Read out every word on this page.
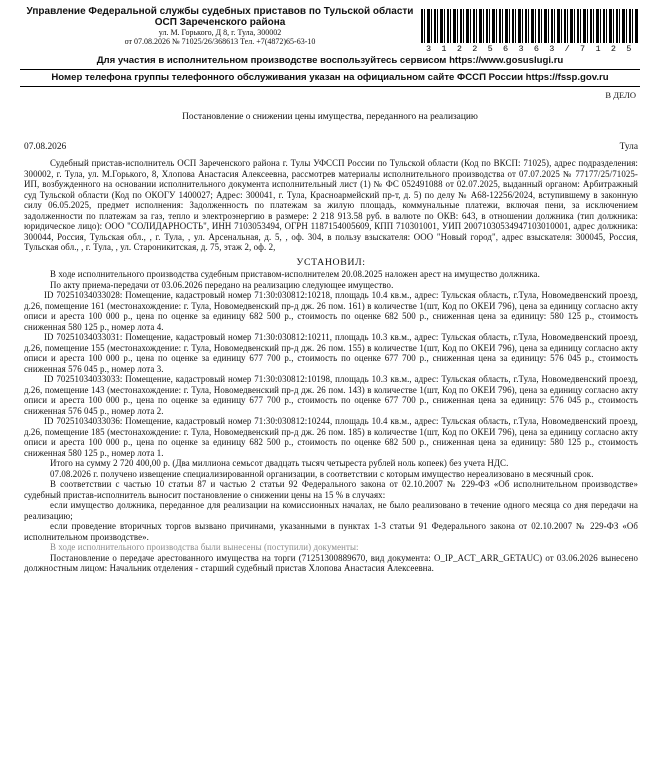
Управление Федеральной службы судебных приставов по Тульской области
ОСП Зареченского района
ул. М. Горького, Д 8, г. Тула, 300002
от 07.08.2026 № 71025/26/368613 Тел. +7(4872)65-63-10
3 1 2 2 5 6 3 6 3 / 7 1 2 5
Для участия в исполнительном производстве воспользуйтесь сервисом https://www.gosuslugi.ru
Номер телефона группы телефонного обслуживания указан на официальном сайте ФССП России https://fssp.gov.ru
В ДЕЛО
Постановление о снижении цены имущества, переданного на реализацию
07.08.2026	Тула

Судебный пристав-исполнитель ОСП Зареченского района г. Тулы УФССП России по Тульской области (Код по ВКСП: 71025), адрес подразделения: 300002, г. Тула, ул. М.Горького, 8, Хлопова Анастасия Алексеевна, рассмотрев материалы исполнительного производства от 07.07.2025 № 77177/25/71025-ИП, возбужденного на основании исполнительного документа исполнительный лист (1) № ФС 052491088 от 02.07.2025, выданный органом: Арбитражный суд Тульской области (Код по ОКОГУ 1400027; Адрес: 300041, г. Тула, Красноармейский пр-т, д. 5) по делу № А68-12256/2024, вступившему в законную силу 06.05.2025, предмет исполнения: Задолженность по платежам за жилую площадь, коммунальные платежи, включая пени, за исключением задолженности по платежам за газ, тепло и электроэнергию в размере: 2 218 913.58 руб. в валюте по ОКВ: 643, в отношении должника (тип должника: юридическое лицо): ООО "СОЛИДАРНОСТЬ", ИНН 7103053494, ОГРН 1187154005609, КПП 710301001, УИП 20071030534947103010001, адрес должника: 300044, Россия, Тульская обл., , г. Тула, , ул. Арсенальная, д. 5, , оф. 304, в пользу взыскателя: ООО "Новый город", адрес взыскателя: 300045, Россия, Тульская обл., , г. Тула, , ул. Староникитская, д. 75, этаж 2, оф. 2,

УСТАНОВИЛ:

В ходе исполнительного производства судебным приставом-исполнителем 20.08.2025 наложен арест на имущество должника.

По акту приема-передачи от 03.06.2026 передано на реализацию следующее имущество.

ID 70251034033028: Помещение, кадастровый номер 71:30:030812:10218, площадь 10.4 кв.м., адрес: Тульская область, г.Тула, Новомедвенский проезд, д.26, помещение 161 (местонахождение: г. Тула, Новомедвенский пр-д дж. 26 пом. 161) в количестве 1(шт, Код по ОКЕИ 796), цена за единицу согласно акту описи и ареста 100 000 р., цена по оценке за единицу 682 500 р., стоимость по оценке 682 500 р., сниженная цена за единицу: 580 125 р., стоимость сниженная 580 125 р., номер лота 4.

ID 70251034033031: Помещение, кадастровый номер 71:30:030812:10211, площадь 10.3 кв.м., адрес: Тульская область, г.Тула, Новомедвенский проезд, д.26, помещение 155 (местонахождение: г. Тула, Новомедвенский пр-д дж. 26 пом. 155) в количестве 1(шт, Код по ОКЕИ 796), цена за единицу согласно акту описи и ареста 100 000 р., цена по оценке за единицу 677 700 р., стоимость по оценке 677 700 р., сниженная цена за единицу: 576 045 р., стоимость сниженная 576 045 р., номер лота 3.

ID 70251034033033: Помещение, кадастровый номер 71:30:030812:10198, площадь 10.3 кв.м., адрес: Тульская область, г.Тула, Новомедвенский проезд, д.26, помещение 143 (местонахождение: г. Тула, Новомедвенский пр-д дж. 26 пом. 143) в количестве 1(шт, Код по ОКЕИ 796), цена за единицу согласно акту описи и ареста 100 000 р., цена по оценке за единицу 677 700 р., стоимость по оценке 677 700 р., сниженная цена за единицу: 576 045 р., стоимость сниженная 576 045 р., номер лота 2.

ID 70251034033036: Помещение, кадастровый номер 71:30:030812:10244, площадь 10.4 кв.м., адрес: Тульская область, г.Тула, Новомедвенский проезд, д.26, помещение 185 (местонахождение: г. Тула, Новомедвенский пр-д дж. 26 пом. 185) в количестве 1(шт, Код по ОКЕИ 796), цена за единицу согласно акту описи и ареста 100 000 р., цена по оценке за единицу 682 500 р., стоимость по оценке 682 500 р., сниженная цена за единицу: 580 125 р., стоимость сниженная 580 125 р., номер лота 1.

Итого на сумму 2 720 400,00 р. (Два миллиона семьсот двадцать тысяч четыреста рублей ноль копеек) без учета НДС.

07.08.2026 г. получено извещение специализированной организации, в соответствии с которым имущество нереализовано в месячный срок.

В соответствии с частью 10 статьи 87 и частью 2 статьи 92 Федерального закона от 02.10.2007 № 229-ФЗ «Об исполнительном производстве» судебный пристав-исполнитель выносит постановление о снижении цены на 15 % в случаях:

если имущество должника, переданное для реализации на комиссионных началах, не было реализовано в течение одного месяца со дня передачи на реализацию;

если проведение вторичных торгов вызвано причинами, указанными в пунктах 1-3 статьи 91 Федерального закона от 02.10.2007 № 229-ФЗ «Об исполнительном производстве».

В ходе исполнительного производства были вынесены (поступили) документы:

Постановление о передаче арестованного имущества на торги (71251300889670, вид документа: O_IP_ACT_ARR_GETAUC) от 03.06.2026 вынесено должностным лицом: Начальник отделения - старший судебный пристав Хлопова Анастасия Алексеевна.
